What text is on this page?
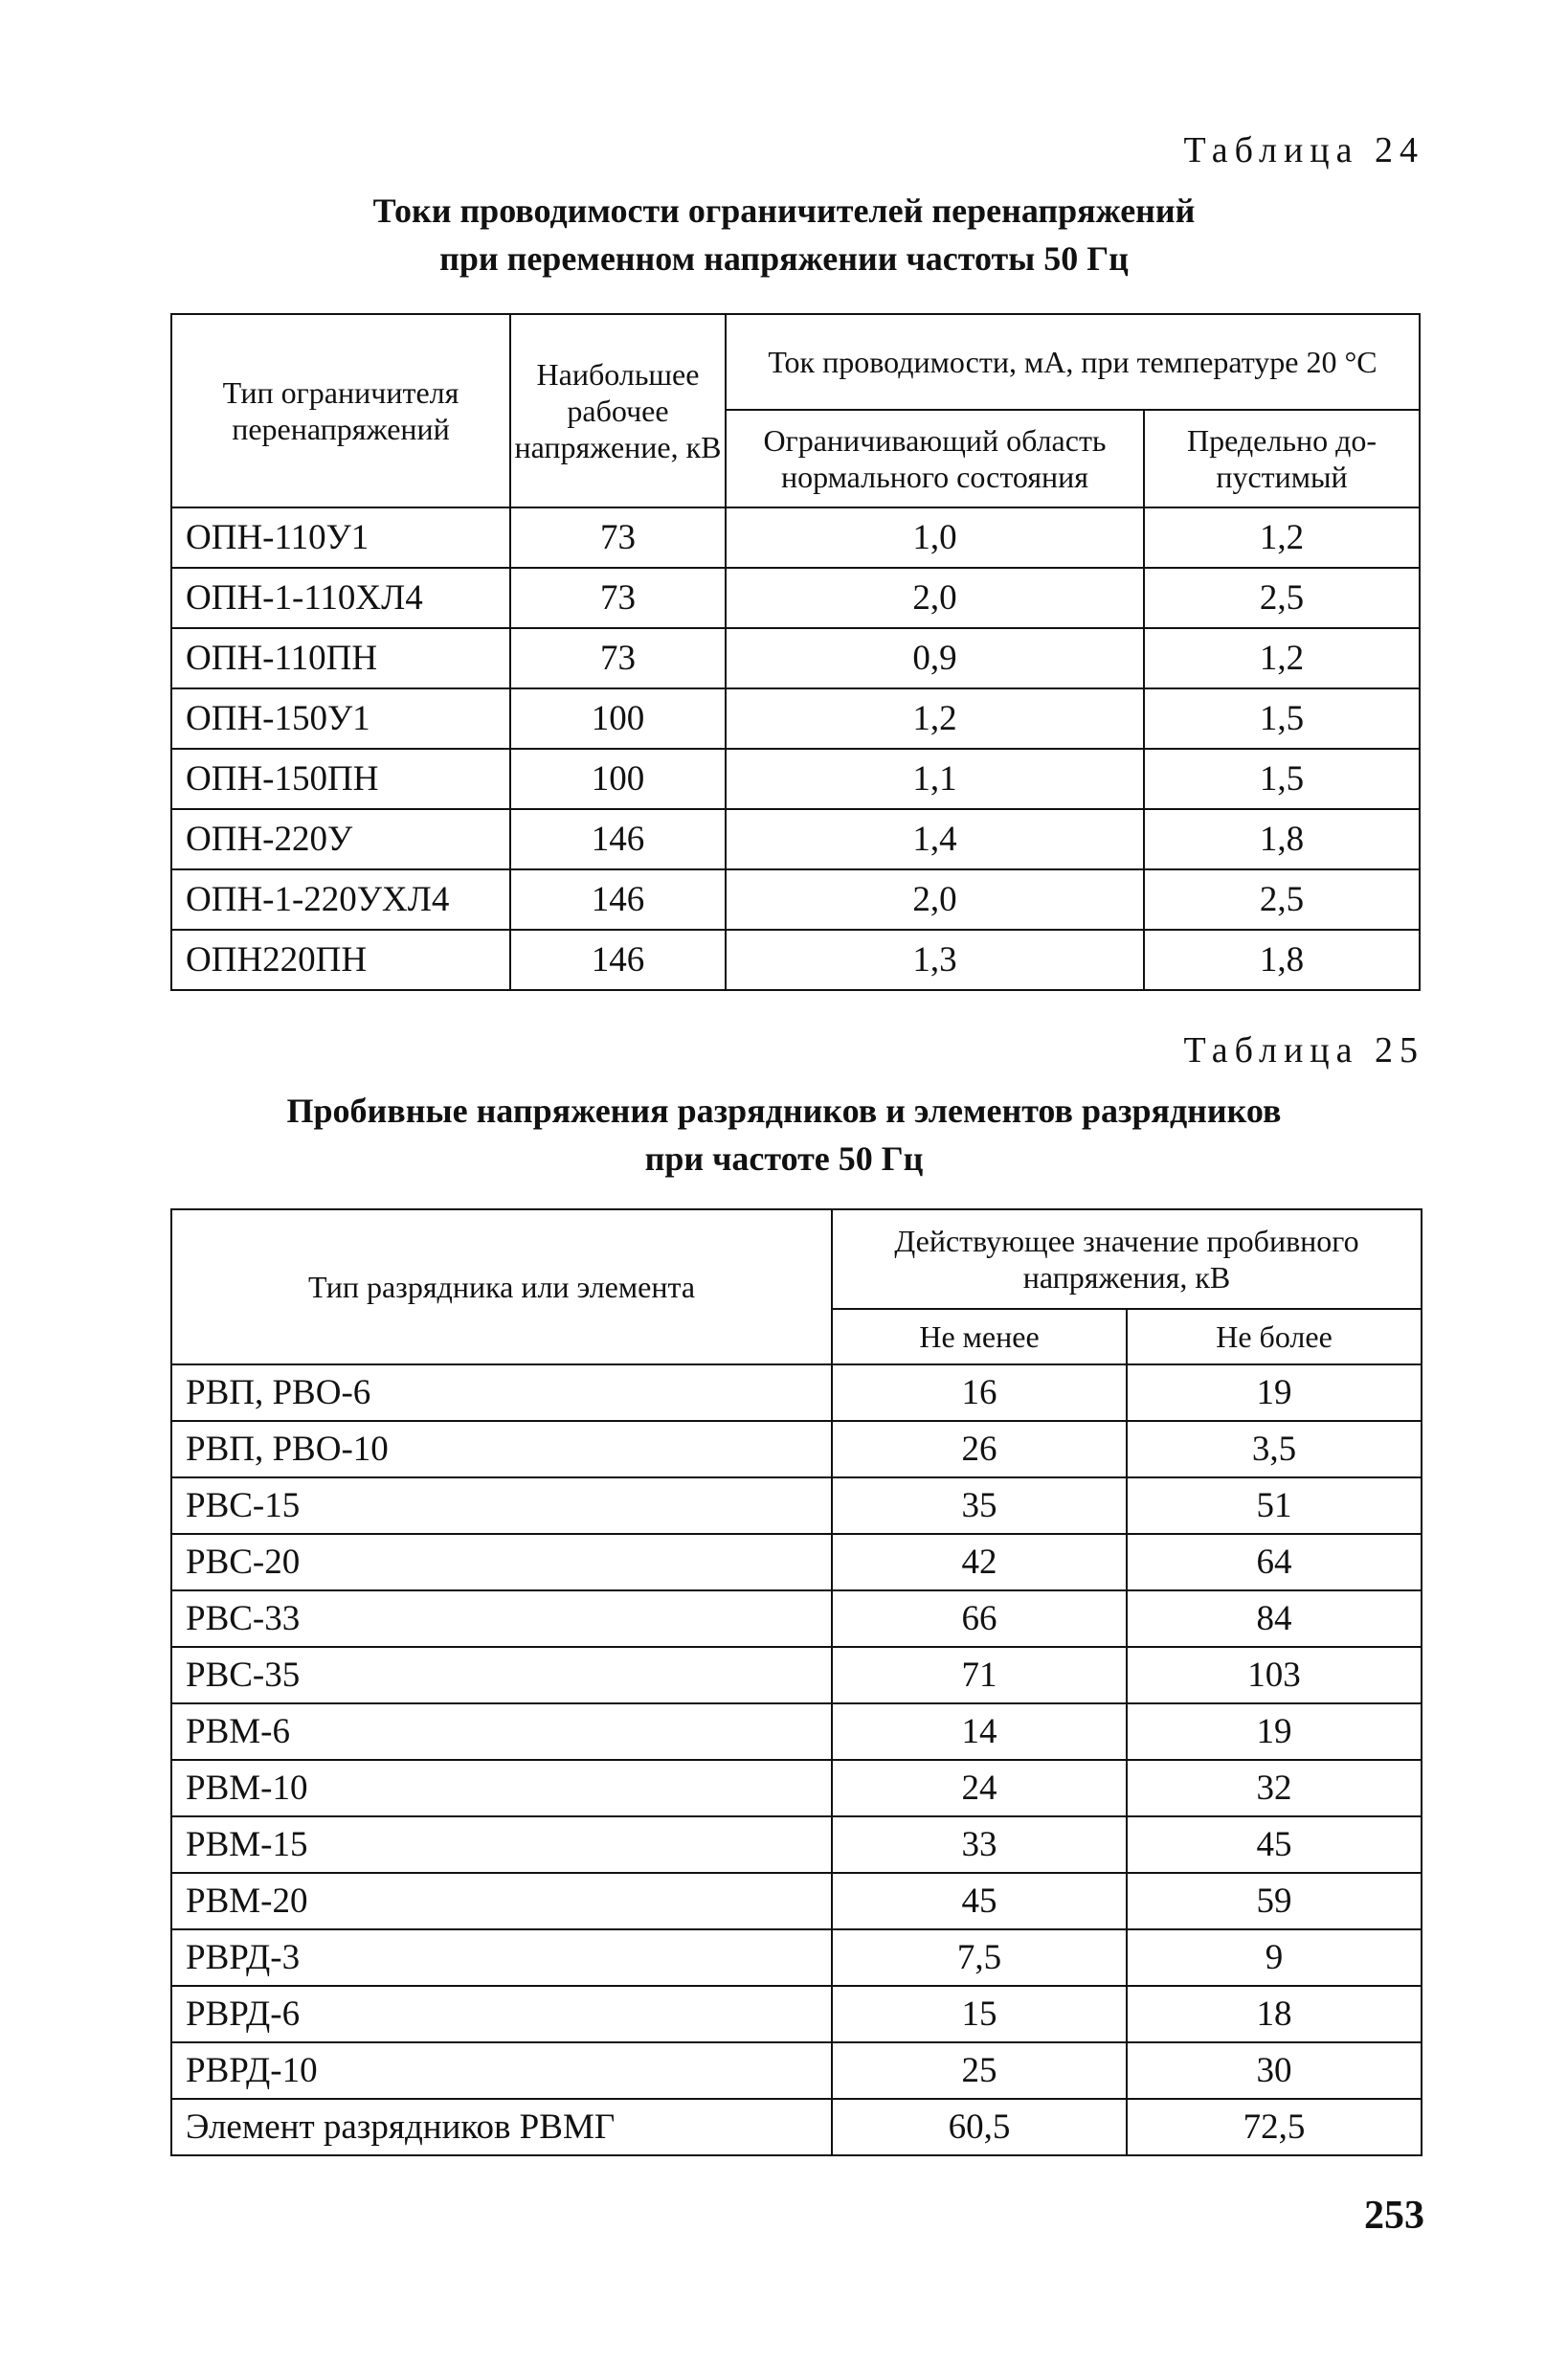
Таблица 24
Токи проводимости ограничителей перенапряжений
при переменном напряжении частоты 50 Гц
Тип ограничителя перенапряжений	Наибольшее рабочее напряжение, кВ	Ток проводимости, мА, при температуре 20 °С	
		Ограничивающий область нормального состояния	Предельно до-пустимый
ОПН-110У1	73	1,0	1,2
ОПН-1-110ХЛ4	73	2,0	2,5
ОПН-110ПН	73	0,9	1,2
ОПН-150У1	100	1,2	1,5
ОПН-150ПН	100	1,1	1,5
ОПН-220У	146	1,4	1,8
ОПН-1-220УХЛ4	146	2,0	2,5
ОПН220ПН	146	1,3	1,8
Таблица 25
Пробивные напряжения разрядников и элементов разрядников
при частоте 50 Гц
Тип разрядника или элемента	Действующее значение пробивного напряжения, кВ	
	Не менее	Не более
РВП, РВО-6	16	19
РВП, РВО-10	26	3,5
РВС-15	35	51
РВС-20	42	64
РВС-33	66	84
РВС-35	71	103
РВМ-6	14	19
РВМ-10	24	32
РВМ-15	33	45
РВМ-20	45	59
РВРД-3	7,5	9
РВРД-6	15	18
РВРД-10	25	30
Элемент разрядников РВМГ	60,5	72,5
253
